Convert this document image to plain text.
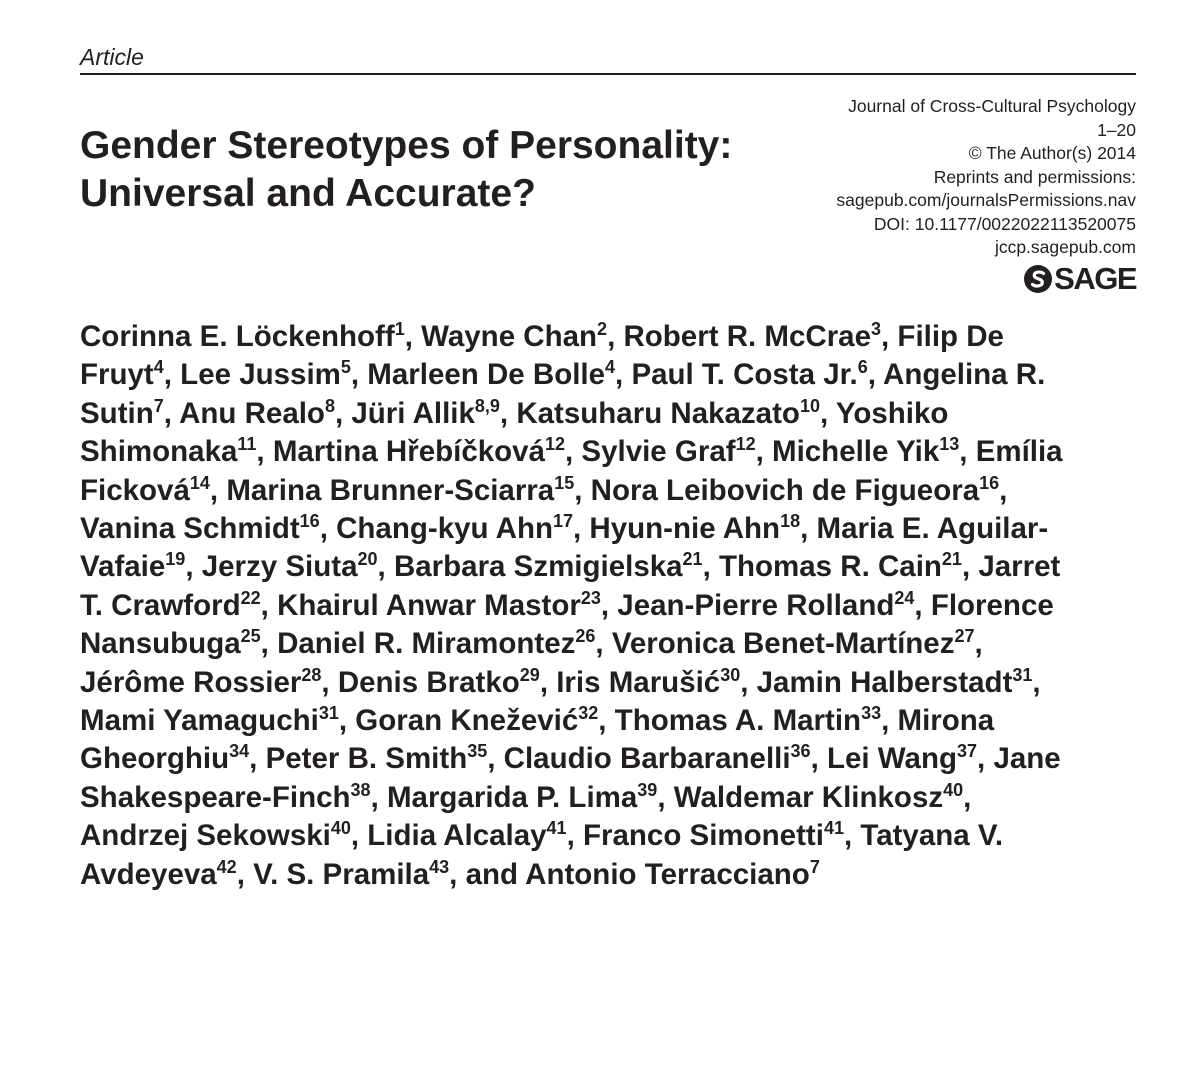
Article
Gender Stereotypes of Personality:
Universal and Accurate?
Journal of Cross-Cultural Psychology
1–20
© The Author(s) 2014
Reprints and permissions:
sagepub.com/journalsPermissions.nav
DOI: 10.1177/0022022113520075
jccp.sagepub.com
SAGE

Corinna E. Löckenhoff$^1$, Wayne Chan$^2$, Robert R. McCrae$^3$, Filip De Fruyt$^4$, Lee Jussim$^5$, Marleen De Bolle$^4$, Paul T. Costa Jr.$^6$, Angelina R. Sutin$^7$, Anu Realo$^8$, Jüri Allik$^{8,9}$, Katsuharu Nakazato$^{10}$, Yoshiko Shimonaka$^{11}$, Martina Hřebíčková$^{12}$, Sylvie Graf$^{12}$, Michelle Yik$^{13}$, Emília Ficková$^{14}$, Marina Brunner-Sciarra$^{15}$, Nora Leibovich de Figueora$^{16}$, Vanina Schmidt$^{16}$, Chang-kyu Ahn$^{17}$, Hyun-nie Ahn$^{18}$, Maria E. Aguilar-Vafaie$^{19}$, Jerzy Siuta$^{20}$, Barbara Szmigielska$^{21}$, Thomas R. Cain$^{21}$, Jarret T. Crawford$^{22}$, Khairul Anwar Mastor$^{23}$, Jean-Pierre Rolland$^{24}$, Florence Nansubuga$^{25}$, Daniel R. Miramontez$^{26}$, Veronica Benet-Martínez$^{27}$, Jérôme Rossier$^{28}$, Denis Bratko$^{29}$, Iris Marušić$^{30}$, Jamin Halberstadt$^{31}$, Mami Yamaguchi$^{31}$, Goran Knežević$^{32}$, Thomas A. Martin$^{33}$, Mirona Gheorghiu$^{34}$, Peter B. Smith$^{35}$, Claudio Barbaranelli$^{36}$, Lei Wang$^{37}$, Jane Shakespeare-Finch$^{38}$, Margarida P. Lima$^{39}$, Waldemar Klinkosz$^{40}$, Andrzej Sekowski$^{40}$, Lidia Alcalay$^{41}$, Franco Simonetti$^{41}$, Tatyana V. Avdeyeva$^{42}$, V. S. Pramila$^{43}$, and Antonio Terracciano$^7$
